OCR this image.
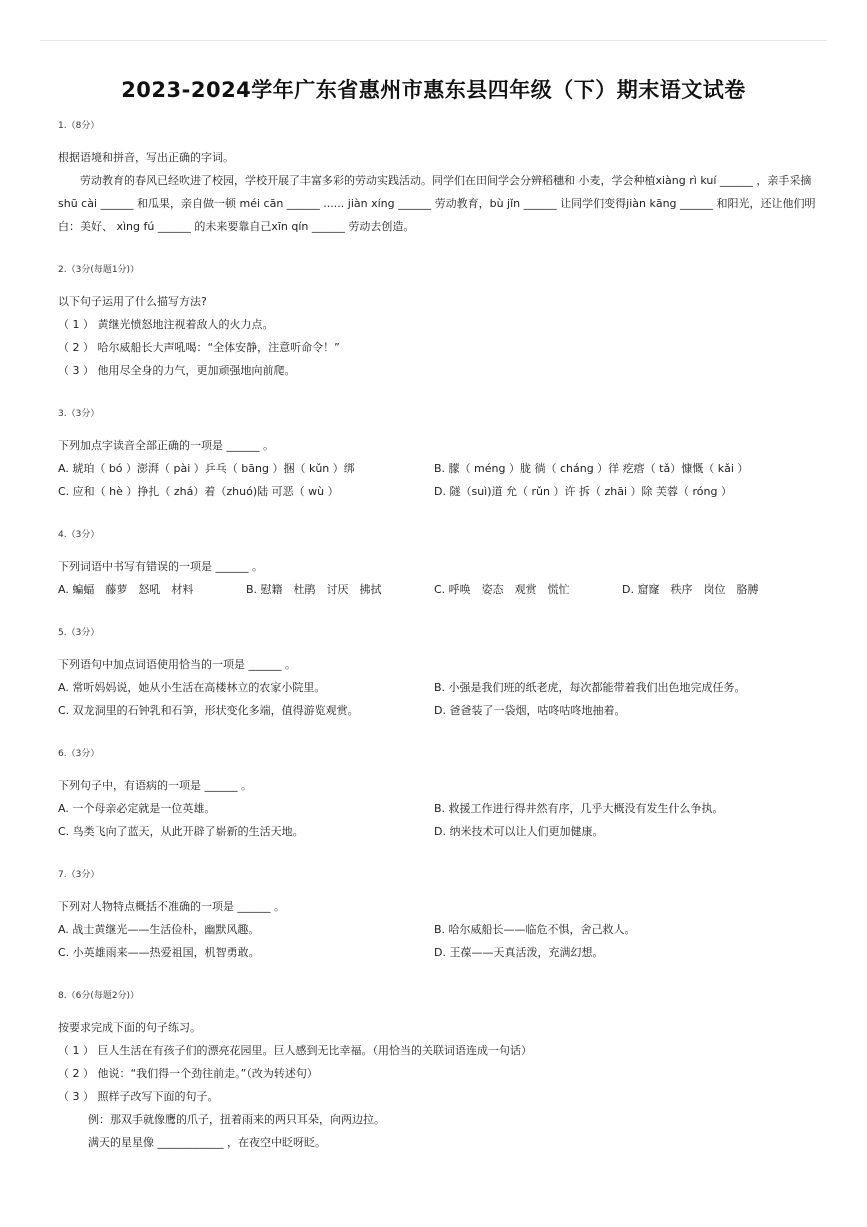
2023-2024学年广东省惠州市惠东县四年级（下）期末语文试卷
1.（8分）
根据语境和拼音，写出正确的字词。
劳动教育的春风已经吹进了校园，学校开展了丰富多彩的劳动实践活动。同学们在田间学会分辨稻穗和 小麦，学会种植xiàng rì kuí ______ ，亲手采摘 shū cài ______ 和瓜果，亲自做一顿 méi cān ______ ...... jiàn xíng ______ 劳动教育，bù jǐn ______ 让同学们变得jiàn kāng ______ 和阳光，还让他们明白：美好、 xìng fú ______ 的未来要靠自己xīn qín ______ 劳动去创造。
2.（3分(每题1分)）
以下句子运用了什么描写方法?
（ 1 ） 黄继光愤怒地注视着敌人的火力点。
（ 2 ） 哈尔威船长大声吼喝：“全体安静，注意听命令！”
（ 3 ） 他用尽全身的力气，更加顽强地向前爬。
3.（3分）
下列加点字读音全部正确的一项是 ______ 。
A. 琥珀（ bó ）澎湃（ pài ）乒乓（ bāng ）捆（ kǔn ）绑	B. 朦（ méng ）胧 徜（ cháng ）徉 疙瘩（ tǎ）慷慨（ kǎi ）
C. 应和（ hè ）挣扎（ zhá）着（zhuó)陆 可恶（ wù ）	D. 隧（suì)道 允（ rǔn ）许 拆（ zhāi ）除 芙蓉（ róng ）
4.（3分）
下列词语中书写有错误的一项是 ______ 。
A. 蝙蝠　藤萝　怒吼　材料	B. 慰籍　杜鹃　讨厌　拂拭	C. 呼唤　姿态　观赏　慌忙	D. 窟窿　秩序　岗位　胳膊
5.（3分）
下列语句中加点词语使用恰当的一项是 ______ 。
A. 常听妈妈说，她从小生活在高楼林立的农家小院里。	B. 小强是我们班的纸老虎，每次都能带着我们出色地完成任务。
C. 双龙洞里的石钟乳和石笋，形状变化多端，值得游览观赏。	D. 爸爸装了一袋烟，咕咚咕咚地抽着。
6.（3分）
下列句子中，有语病的一项是 ______ 。
A. 一个母亲必定就是一位英雄。	B. 救援工作进行得井然有序，几乎大概没有发生什么争执。
C. 鸟类飞向了蓝天，从此开辟了崭新的生活天地。	D. 纳米技术可以让人们更加健康。
7.（3分）
下列对人物特点概括不准确的一项是 ______ 。
A. 战士黄继光——生活俭朴，幽默风趣。	B. 哈尔威船长——临危不惧，舍己救人。
C. 小英雄雨来——热爱祖国，机智勇敢。	D. 王葆——天真活泼，充满幻想。
8.（6分(每题2分)）
按要求完成下面的句子练习。
（ 1 ） 巨人生活在有孩子们的漂亮花园里。巨人感到无比幸福。（用恰当的关联词语连成一句话）
（ 2 ） 他说：“我们得一个劲往前走。”（改为转述句）
（ 3 ） 照样子改写下面的句子。
例：那双手就像鹰的爪子，扭着雨来的两只耳朵，向两边拉。
满天的星星像 ____________ ，在夜空中眨呀眨。
